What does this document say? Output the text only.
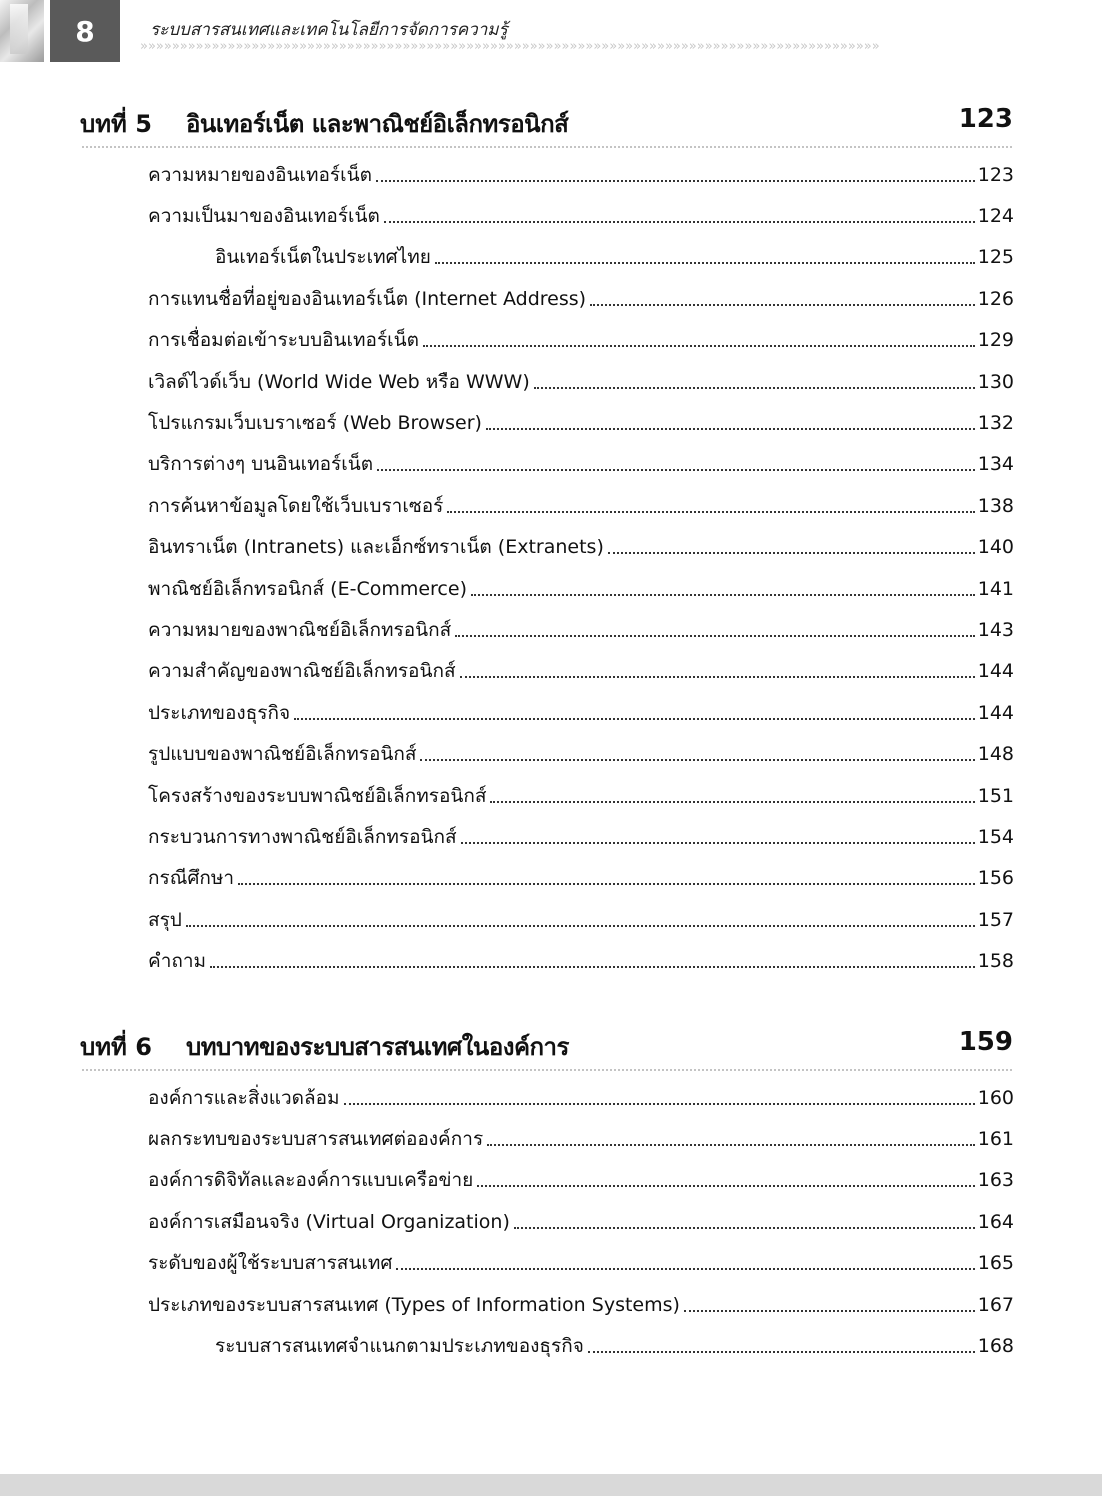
8	ระบบสารสนเทศและเทคโนโลยีการจัดการความรู้
»»»»»»»»»»»»»»»»»»»»»»»»»»»»»»»»»»»»»»»»»»»»»»»»»»»»»»»»»»»»»»»»»»»»»»»»»»»»»»»»»»»»»»»»»»»»»
บทที่ 5 อินเทอร์เน็ต และพาณิชย์อิเล็กทรอนิกส์	123
ความหมายของอินเทอร์เน็ต	123
ความเป็นมาของอินเทอร์เน็ต	124
อินเทอร์เน็ตในประเทศไทย	125
การแทนชื่อที่อยู่ของอินเทอร์เน็ต (Internet Address)	126
การเชื่อมต่อเข้าระบบอินเทอร์เน็ต	129
เวิลด์ไวด์เว็บ (World Wide Web หรือ WWW)	130
โปรแกรมเว็บเบราเซอร์ (Web Browser)	132
บริการต่างๆ บนอินเทอร์เน็ต	134
การค้นหาข้อมูลโดยใช้เว็บเบราเซอร์	138
อินทราเน็ต (Intranets) และเอ็กซ์ทราเน็ต (Extranets)	140
พาณิชย์อิเล็กทรอนิกส์ (E-Commerce)	141
ความหมายของพาณิชย์อิเล็กทรอนิกส์	143
ความสำคัญของพาณิชย์อิเล็กทรอนิกส์	144
ประเภทของธุรกิจ	144
รูปแบบของพาณิชย์อิเล็กทรอนิกส์	148
โครงสร้างของระบบพาณิชย์อิเล็กทรอนิกส์	151
กระบวนการทางพาณิชย์อิเล็กทรอนิกส์	154
กรณีศึกษา	156
สรุป	157
คำถาม	158
บทที่ 6 บทบาทของระบบสารสนเทศในองค์การ	159
องค์การและสิ่งแวดล้อม	160
ผลกระทบของระบบสารสนเทศต่อองค์การ	161
องค์การดิจิทัลและองค์การแบบเครือข่าย	163
องค์การเสมือนจริง (Virtual Organization)	164
ระดับของผู้ใช้ระบบสารสนเทศ	165
ประเภทของระบบสารสนเทศ (Types of Information Systems)	167
ระบบสารสนเทศจำแนกตามประเภทของธุรกิจ	168
